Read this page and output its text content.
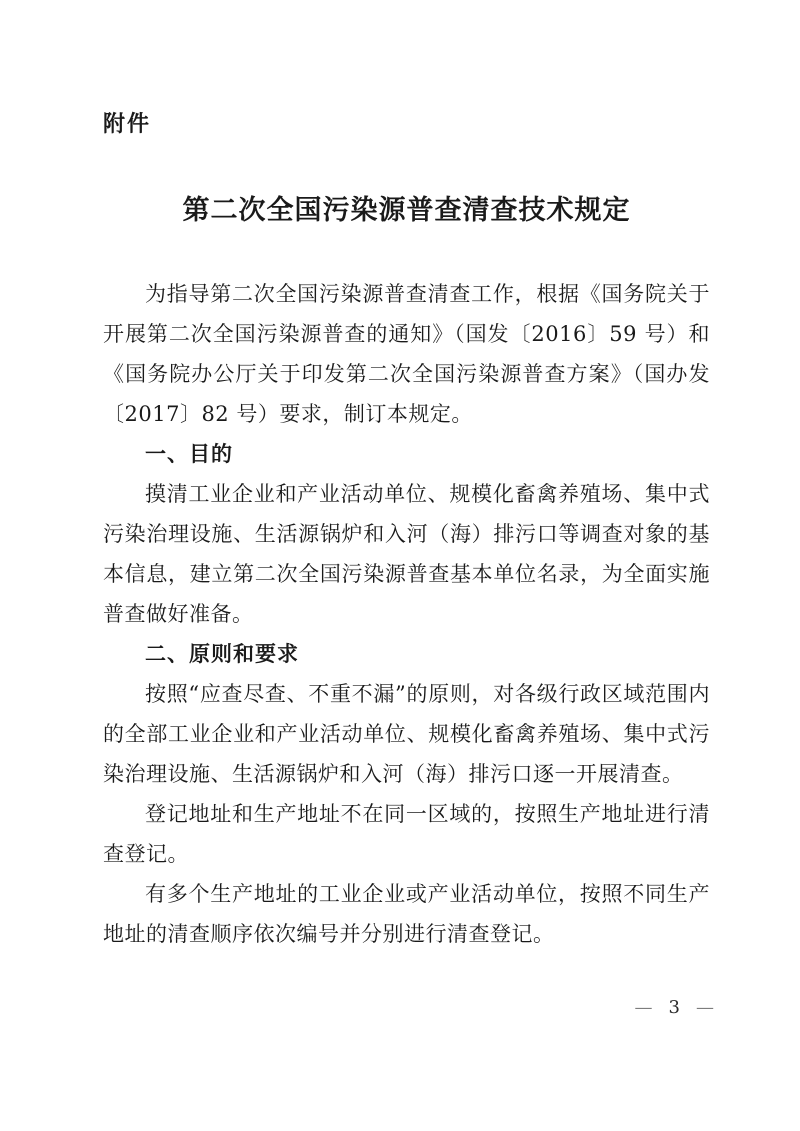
附件
第二次全国污染源普查清查技术规定

为指导第二次全国污染源普查清查工作，根据《国务院关于开展第二次全国污染源普查的通知》（国发〔2016〕59 号）和《国务院办公厅关于印发第二次全国污染源普查方案》（国办发〔2017〕82 号）要求，制订本规定。

一、目的

摸清工业企业和产业活动单位、规模化畜禽养殖场、集中式污染治理设施、生活源锅炉和入河（海）排污口等调查对象的基本信息，建立第二次全国污染源普查基本单位名录，为全面实施普查做好准备。

二、原则和要求

按照“应查尽查、不重不漏”的原则，对各级行政区域范围内的全部工业企业和产业活动单位、规模化畜禽养殖场、集中式污染治理设施、生活源锅炉和入河（海）排污口逐一开展清查。

登记地址和生产地址不在同一区域的，按照生产地址进行清查登记。

有多个生产地址的工业企业或产业活动单位，按照不同生产地址的清查顺序依次编号并分别进行清查登记。

— 3 —
